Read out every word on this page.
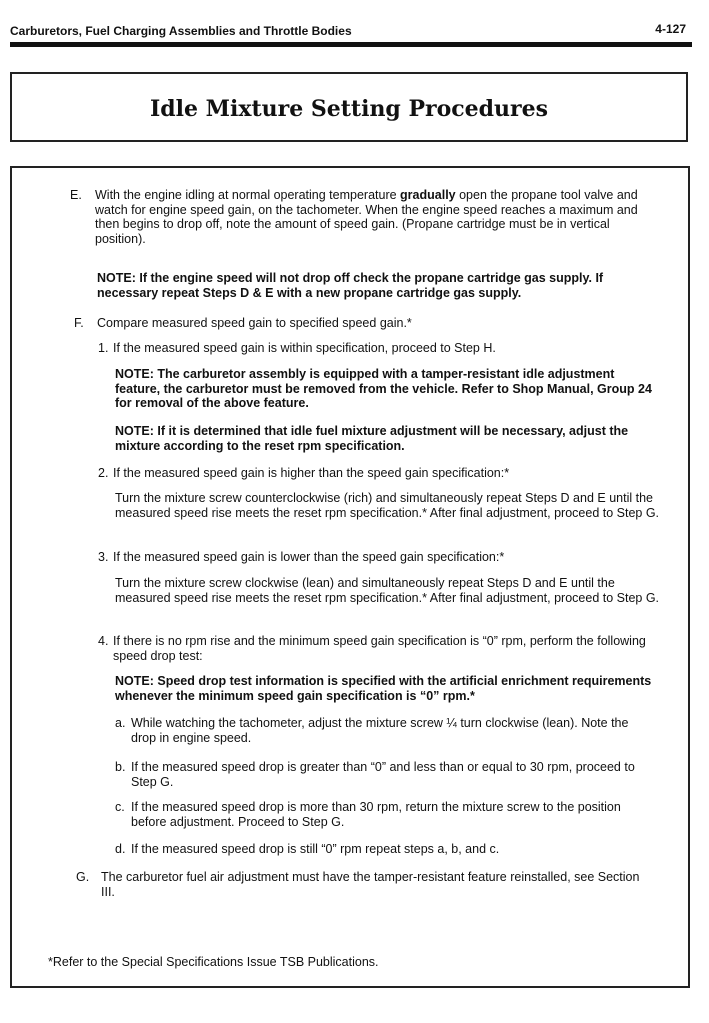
Carburetors, Fuel Charging Assemblies and Throttle Bodies	4-127
Idle Mixture Setting Procedures
E. With the engine idling at normal operating temperature gradually open the propane tool valve and watch for engine speed gain, on the tachometer. When the engine speed reaches a maximum and then begins to drop off, note the amount of speed gain. (Propane cartridge must be in vertical position).
NOTE: If the engine speed will not drop off check the propane cartridge gas supply. If necessary repeat Steps D & E with a new propane cartridge gas supply.
F. Compare measured speed gain to specified speed gain.*
1. If the measured speed gain is within specification, proceed to Step H.
NOTE: The carburetor assembly is equipped with a tamper-resistant idle adjustment feature, the carburetor must be removed from the vehicle. Refer to Shop Manual, Group 24 for removal of the above feature.
NOTE: If it is determined that idle fuel mixture adjustment will be necessary, adjust the mixture according to the reset rpm specification.
2. If the measured speed gain is higher than the speed gain specification:*
Turn the mixture screw counterclockwise (rich) and simultaneously repeat Steps D and E until the measured speed rise meets the reset rpm specification.* After final adjustment, proceed to Step G.
3. If the measured speed gain is lower than the speed gain specification:*
Turn the mixture screw clockwise (lean) and simultaneously repeat Steps D and E until the measured speed rise meets the reset rpm specification.* After final adjustment, proceed to Step G.
4. If there is no rpm rise and the minimum speed gain specification is “0” rpm, perform the following speed drop test:
NOTE: Speed drop test information is specified with the artificial enrichment requirements whenever the minimum speed gain specification is “0” rpm.*
a. While watching the tachometer, adjust the mixture screw ¼ turn clockwise (lean). Note the drop in engine speed.
b. If the measured speed drop is greater than “0” and less than or equal to 30 rpm, proceed to Step G.
c. If the measured speed drop is more than 30 rpm, return the mixture screw to the position before adjustment. Proceed to Step G.
d. If the measured speed drop is still “0” rpm repeat steps a, b, and c.
G. The carburetor fuel air adjustment must have the tamper-resistant feature reinstalled, see Section III.
*Refer to the Special Specifications Issue TSB Publications.
